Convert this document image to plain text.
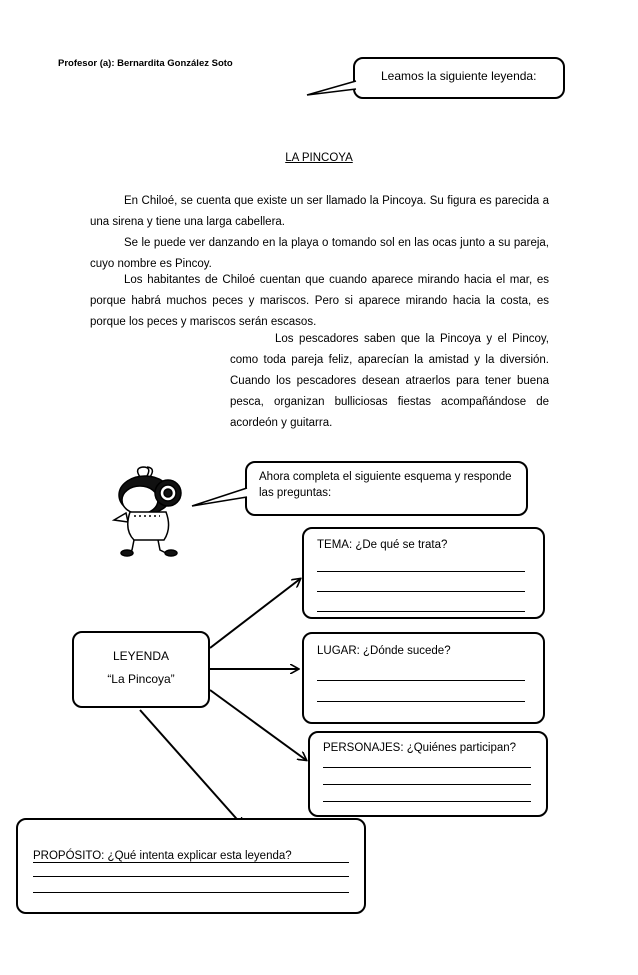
Profesor (a): Bernardita González Soto
Leamos la siguiente leyenda:
LA PINCOYA
En Chiloé, se cuenta que existe un ser llamado la Pincoya. Su figura es parecida a una sirena y tiene una larga cabellera.
Se le puede ver danzando en la playa o tomando sol en las ocas junto a su pareja, cuyo nombre es Pincoy.
Los habitantes de Chiloé cuentan que cuando aparece mirando hacia el mar, es porque habrá muchos peces y mariscos. Pero si aparece mirando hacia la costa, es porque los peces y mariscos serán escasos.
Los pescadores saben que la Pincoya y el Pincoy, como toda pareja feliz, aparecían la amistad y la diversión. Cuando los pescadores desean atraerlos para tener buena pesca, organizan bulliciosas fiestas acompañándose de acordeón y guitarra.
Ahora completa el siguiente esquema y responde las preguntas:
TEMA: ¿De qué se trata?
LUGAR: ¿Dónde sucede?
PERSONAJES: ¿Quiénes participan?
LEYENDA
“La Pincoya”
PROPÓSITO: ¿Qué intenta explicar esta leyenda?
